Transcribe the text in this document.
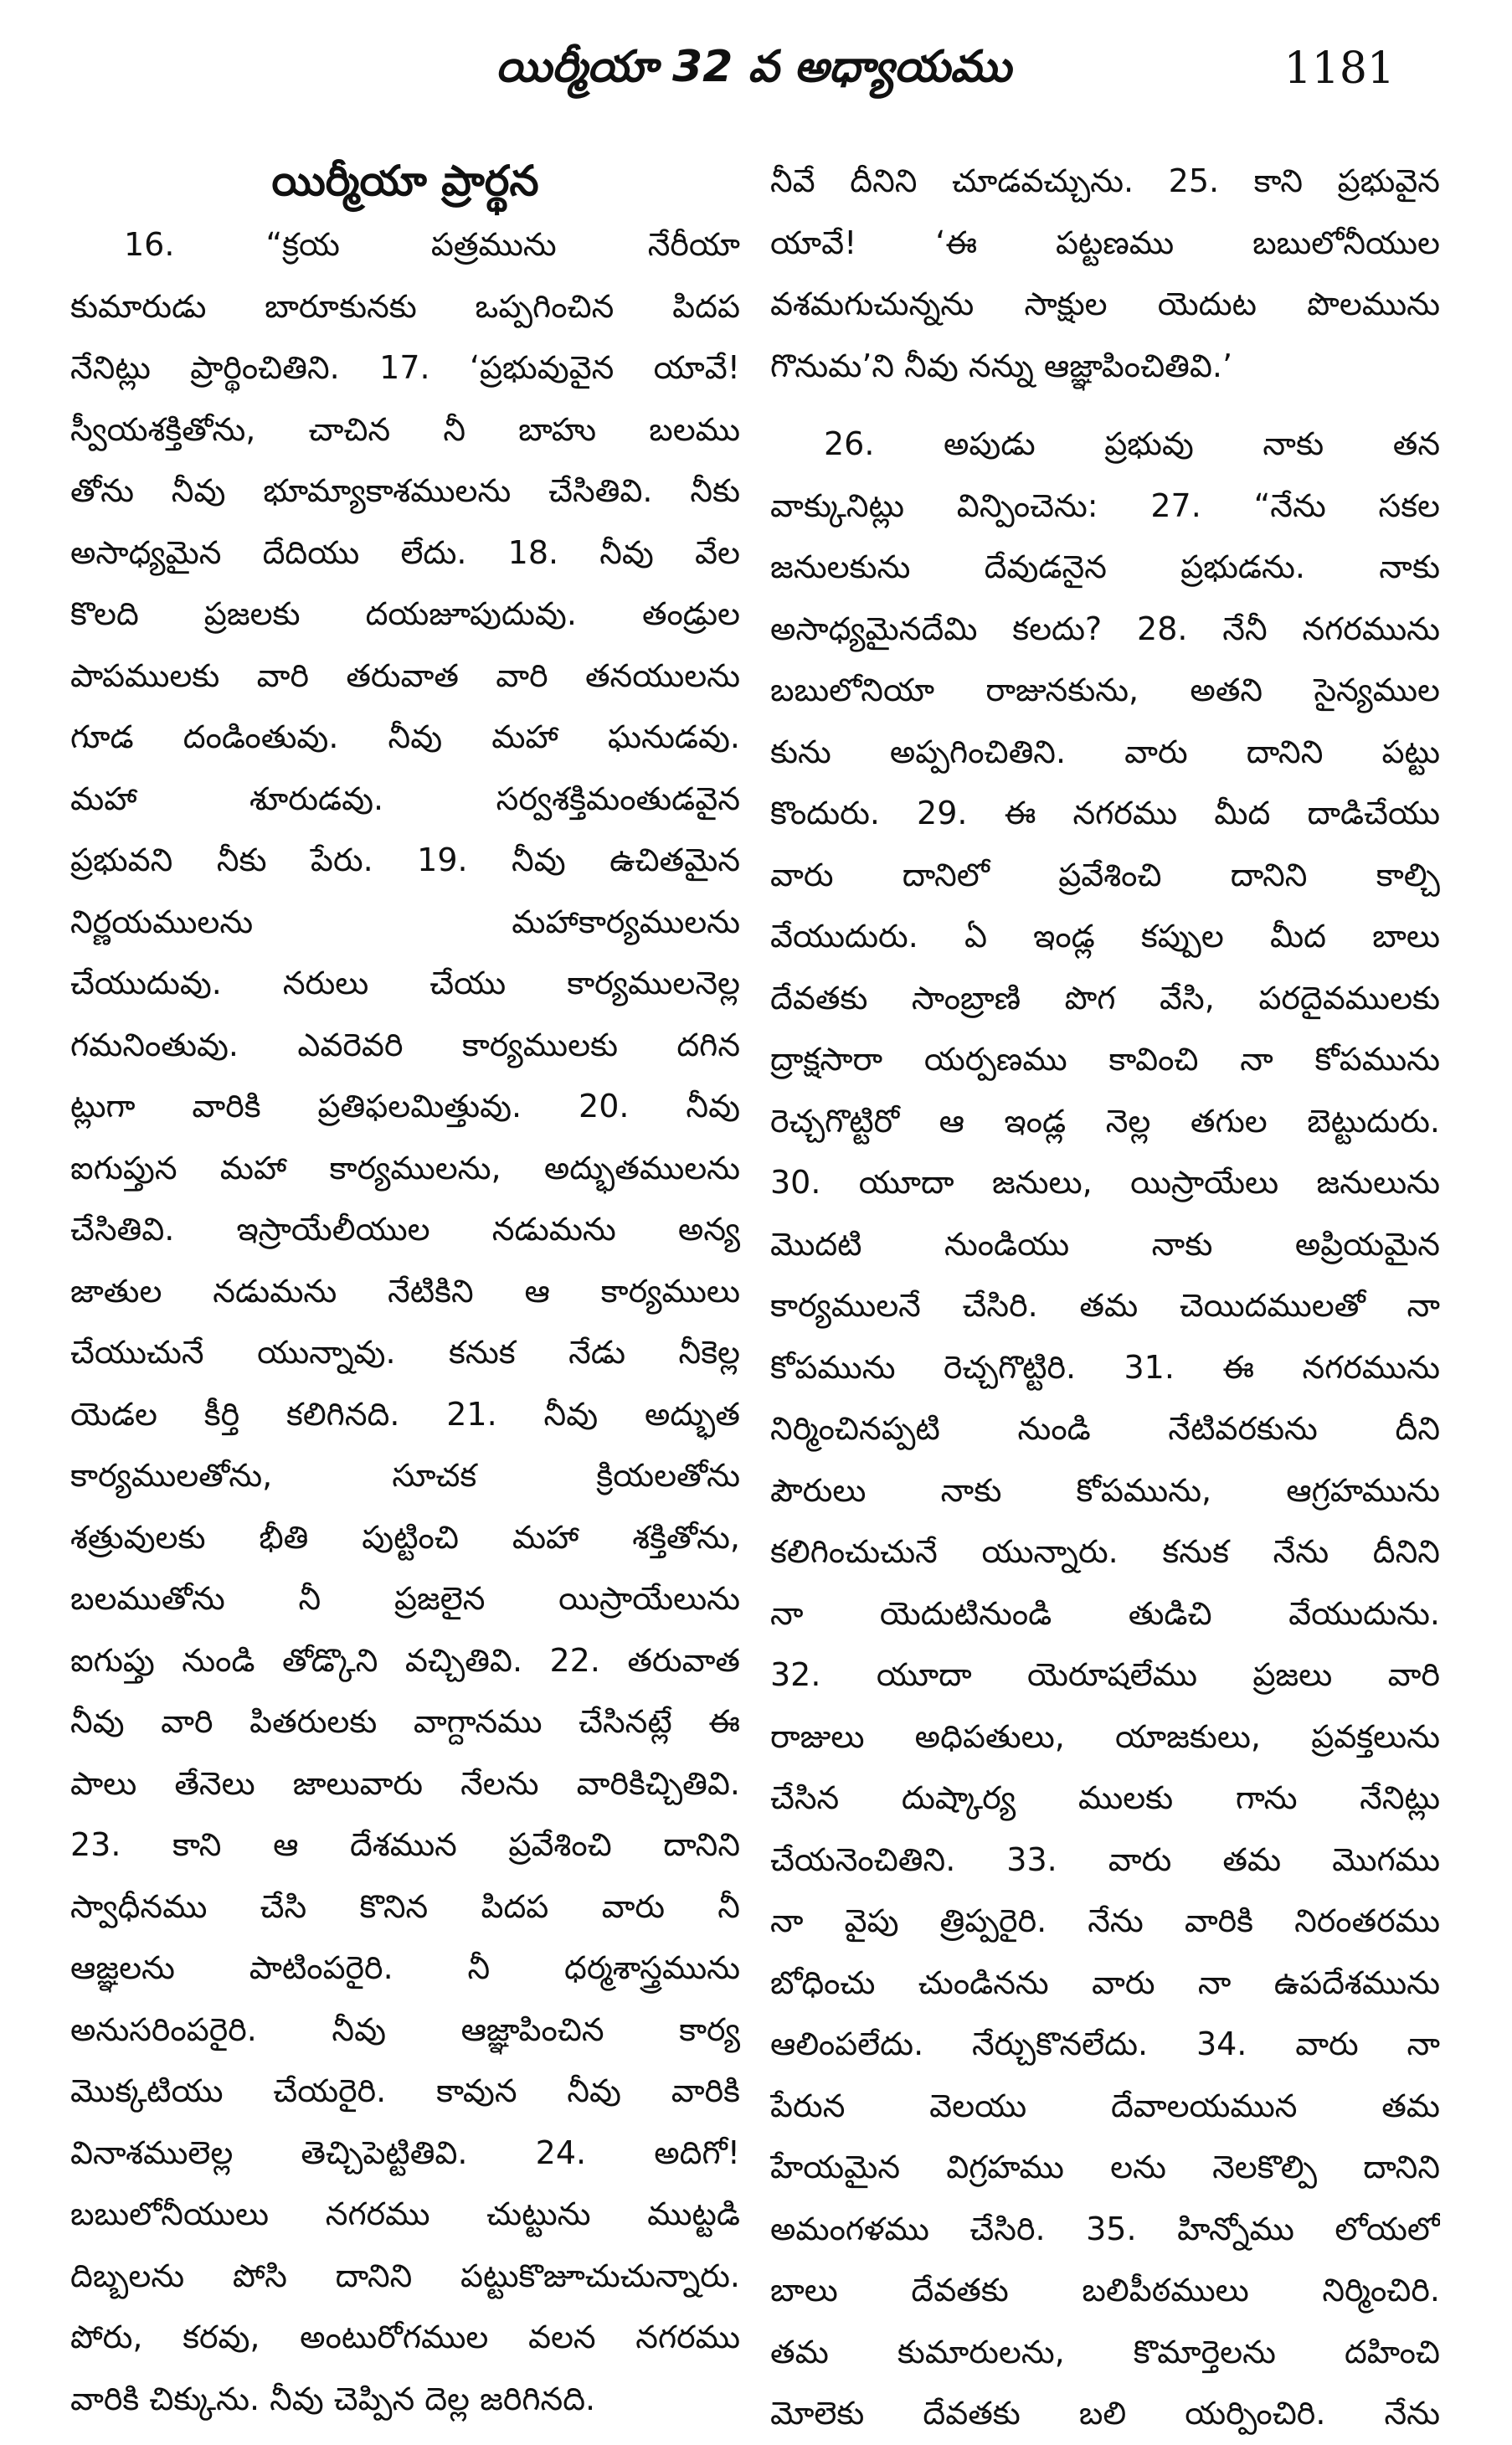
యిర్మీయా 32 వ అధ్యాయము	1181
యిర్మీయా ప్రార్థన
16. “క్రయ పత్రమును నేరీయా
కుమారుడు బారూకునకు ఒప్పగించిన పిదప
నేనిట్లు ప్రార్థించితిని. 17. ‘ప్రభువువైన యావే!
స్వీయశక్తితోను, చాచిన నీ బాహు బలము
తోను నీవు భూమ్యాకాశములను చేసితివి. నీకు
అసాధ్యమైన దేదియు లేదు. 18. నీవు వేల
కొలది ప్రజలకు దయజూపుదువు. తండ్రుల
పాపములకు వారి తరువాత వారి తనయులను
గూడ దండింతువు. నీవు మహా ఘనుడవు.
మహా శూరుడవు. సర్వశక్తిమంతుడవైన
ప్రభువని నీకు పేరు. 19. నీవు ఉచితమైన
నిర్ణయములను మహాకార్యములను
చేయుదువు. నరులు చేయు కార్యములనెల్ల
గమనింతువు. ఎవరెవరి కార్యములకు దగిన
ట్లుగా వారికి ప్రతిఫలమిత్తువు. 20. నీవు
ఐగుప్తున మహా కార్యములను, అద్భుతములను
చేసితివి. ఇస్రాయేలీయుల నడుమను అన్య
జాతుల నడుమను నేటికిని ఆ కార్యములు
చేయుచునే యున్నావు. కనుక నేడు నీకెల్ల
యెడల కీర్తి కలిగినది. 21. నీవు అద్భుత
కార్యములతోను, సూచక క్రియలతోను
శత్రువులకు భీతి పుట్టించి మహా శక్తితోను,
బలముతోను నీ ప్రజలైన యిస్రాయేలును
ఐగుప్తు నుండి తోడ్కొని వచ్చితివి. 22. తరువాత
నీవు వారి పితరులకు వాగ్దానము చేసినట్లే ఈ
పాలు తేనెలు జాలువారు నేలను వారికిచ్చితివి.
23. కాని ఆ దేశమున ప్రవేశించి దానిని
స్వాధీనము చేసి కొనిన పిదప వారు నీ
ఆజ్ఞలను పాటింపరైరి. నీ ధర్మశాస్త్రమును
అనుసరింపరైరి. నీవు ఆజ్ఞాపించిన కార్య
మొక్కటియు చేయరైరి. కావున నీవు వారికి
వినాశములెల్ల తెచ్చిపెట్టితివి. 24. అదిగో!
బబులోనీయులు నగరము చుట్టును ముట్టడి
దిబ్బలను పోసి దానిని పట్టుకొజూచుచున్నారు.
పోరు, కరవు, అంటురోగముల వలన నగరము
వారికి చిక్కును. నీవు చెప్పిన దెల్ల జరిగినది.
నీవే దీనిని చూడవచ్చును. 25. కాని ప్రభువైన
యావే! ‘ఈ పట్టణము బబులోనీయుల
వశమగుచున్నను సాక్షుల యెదుట పొలమును
గొనుమ’ని నీవు నన్ను ఆజ్ఞాపించితివి.’
26. అపుడు ప్రభువు నాకు తన
వాక్కునిట్లు విన్పించెను: 27. “నేను సకల
జనులకును దేవుడనైన ప్రభుడను. నాకు
అసాధ్యమైనదేమి కలదు? 28. నేనీ నగరమును
బబులోనియా రాజునకును, అతని సైన్యముల
కును అప్పగించితిని. వారు దానిని పట్టు
కొందురు. 29. ఈ నగరము మీద దాడిచేయు
వారు దానిలో ప్రవేశించి దానిని కాల్చి
వేయుదురు. ఏ ఇండ్ల కప్పుల మీద బాలు
దేవతకు సాంబ్రాణి పొగ వేసి, పరదైవములకు
ద్రాక్షసారా యర్పణము కావించి నా కోపమును
రెచ్చగొట్టిరో ఆ ఇండ్ల నెల్ల తగుల బెట్టుదురు.
30. యూదా జనులు, యిస్రాయేలు జనులును
మొదటి నుండియు నాకు అప్రియమైన
కార్యములనే చేసిరి. తమ చెయిదములతో నా
కోపమును రెచ్చగొట్టిరి. 31. ఈ నగరమును
నిర్మించినప్పటి నుండి నేటివరకును దీని
పౌరులు నాకు కోపమును, ఆగ్రహమును
కలిగించుచునే యున్నారు. కనుక నేను దీనిని
నా యెదుటినుండి తుడిచి వేయుదును.
32. యూదా యెరూషలేము ప్రజలు వారి
రాజులు అధిపతులు, యాజకులు, ప్రవక్తలును
చేసిన దుష్కార్య ములకు గాను నేనిట్లు
చేయనెంచితిని. 33. వారు తమ మొగము
నా వైపు త్రిప్పరైరి. నేను వారికి నిరంతరము
బోధించు చుండినను వారు నా ఉపదేశమును
ఆలింపలేదు. నేర్చుకొనలేదు. 34. వారు నా
పేరున వెలయు దేవాలయమున తమ
హేయమైన విగ్రహము లను నెలకొల్పి దానిని
అమంగళము చేసిరి. 35. హిన్నోము లోయలో
బాలు దేవతకు బలిపీఠములు నిర్మించిరి.
తమ కుమారులను, కొమార్తెలను దహించి
మోలెకు దేవతకు బలి యర్పించిరి. నేను
